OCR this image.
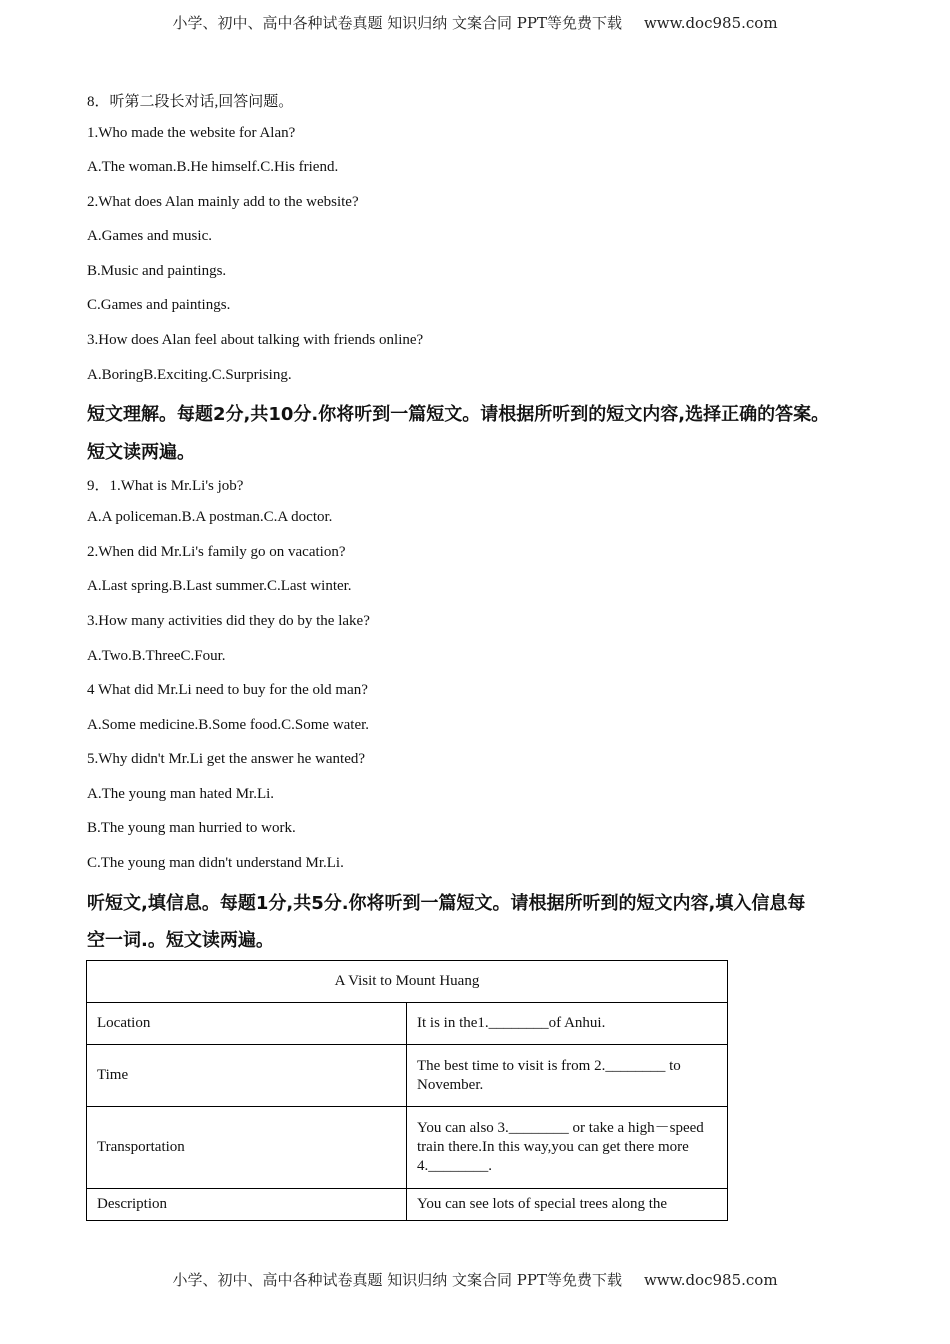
小学、初中、高中各种试卷真题 知识归纳 文案合同 PPT等免费下载 www.doc985.com
8．听第二段长对话,回答问题。
1.Who made the website for Alan?
A.The woman.B.He himself.C.His friend.
2.What does Alan mainly add to the website?
A.Games and music.
B.Music and paintings.
C.Games and paintings.
3.How does Alan feel about talking with friends online?
A.BoringB.Exciting.C.Surprising.
短文理解。每题2分,共10分.你将听到一篇短文。请根据所听到的短文内容,选择正确的答案。
短文读两遍。
9．1.What is Mr.Li's job?
A.A policeman.B.A postman.C.A doctor.
2.When did Mr.Li's family go on vacation?
A.Last spring.B.Last summer.C.Last winter.
3.How many activities did they do by the lake?
A.Two.B.ThreeC.Four.
4 What did Mr.Li need to buy for the old man?
A.Some medicine.B.Some food.C.Some water.
5.Why didn't Mr.Li get the answer he wanted?
A.The young man hated Mr.Li.
B.The young man hurried to work.
C.The young man didn't understand Mr.Li.
听短文,填信息。每题1分,共5分.你将听到一篇短文。请根据所听到的短文内容,填入信息每
空一词.。短文读两遍。
A Visit to Mount Huang	
Location	It is in the1.________of Anhui.
Time	The best time to visit is from 2.________ to November.
Transportation	You can also 3.________ or take a high－speed train there.In this way,you can get there more 4.________.
Description	You can see lots of special trees along the
小学、初中、高中各种试卷真题 知识归纳 文案合同 PPT等免费下载 www.doc985.com
